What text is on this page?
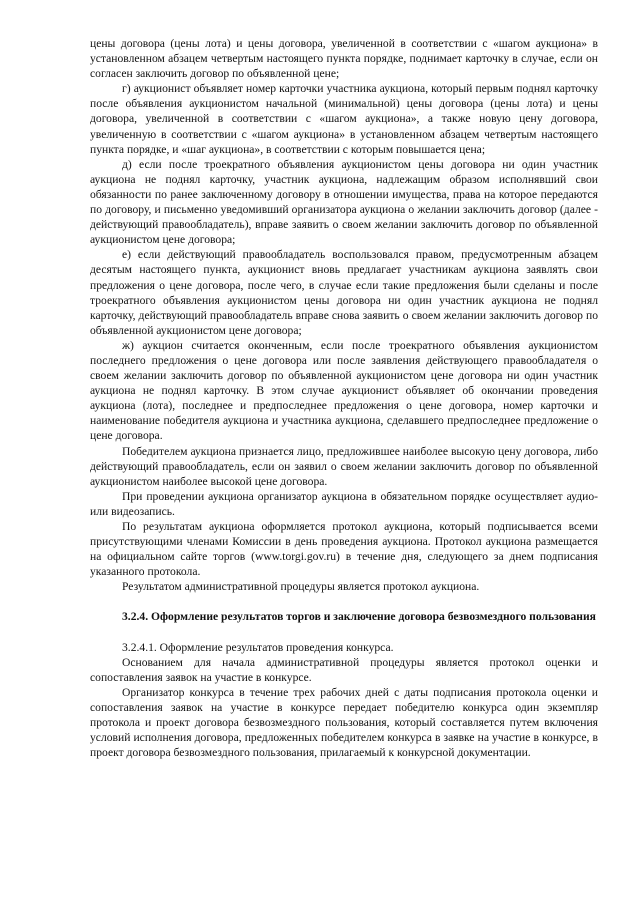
цены договора (цены лота) и цены договора, увеличенной в соответствии с «шагом аукциона» в установленном абзацем четвертым настоящего пункта порядке, поднимает карточку в случае, если он согласен заключить договор по объявленной цене;

г) аукционист объявляет номер карточки участника аукциона, который первым поднял карточку после объявления аукционистом начальной (минимальной) цены договора (цены лота) и цены договора, увеличенной в соответствии с «шагом аукциона», а также новую цену договора, увеличенную в соответствии с «шагом аукциона» в установленном абзацем четвертым настоящего пункта порядке, и «шаг аукциона», в соответствии с которым повышается цена;

д) если после троекратного объявления аукционистом цены договора ни один участник аукциона не поднял карточку, участник аукциона, надлежащим образом исполнявший свои обязанности по ранее заключенному договору в отношении имущества, права на которое передаются по договору, и письменно уведомивший организатора аукциона о желании заключить договор (далее - действующий правообладатель), вправе заявить о своем желании заключить договор по объявленной аукционистом цене договора;

е) если действующий правообладатель воспользовался правом, предусмотренным абзацем десятым настоящего пункта, аукционист вновь предлагает участникам аукциона заявлять свои предложения о цене договора, после чего, в случае если такие предложения были сделаны и после троекратного объявления аукционистом цены договора ни один участник аукциона не поднял карточку, действующий правообладатель вправе снова заявить о своем желании заключить договор по объявленной аукционистом цене договора;

ж) аукцион считается оконченным, если после троекратного объявления аукционистом последнего предложения о цене договора или после заявления действующего правообладателя о своем желании заключить договор по объявленной аукционистом цене договора ни один участник аукциона не поднял карточку. В этом случае аукционист объявляет об окончании проведения аукциона (лота), последнее и предпоследнее предложения о цене договора, номер карточки и наименование победителя аукциона и участника аукциона, сделавшего предпоследнее предложение о цене договора.

Победителем аукциона признается лицо, предложившее наиболее высокую цену договора, либо действующий правообладатель, если он заявил о своем желании заключить договор по объявленной аукционистом наиболее высокой цене договора.

При проведении аукциона организатор аукциона в обязательном порядке осуществляет аудио- или видеозапись.

По результатам аукциона оформляется протокол аукциона, который подписывается всеми присутствующими членами Комиссии в день проведения аукциона. Протокол аукциона размещается на официальном сайте торгов (www.torgi.gov.ru) в течение дня, следующего за днем подписания указанного протокола.

Результатом административной процедуры является протокол аукциона.

3.2.4. Оформление результатов торгов и заключение договора безвозмездного пользования

3.2.4.1. Оформление результатов проведения конкурса.

Основанием для начала административной процедуры является протокол оценки и сопоставления заявок на участие в конкурсе.

Организатор конкурса в течение трех рабочих дней с даты подписания протокола оценки и сопоставления заявок на участие в конкурсе передает победителю конкурса один экземпляр протокола и проект договора безвозмездного пользования, который составляется путем включения условий исполнения договора, предложенных победителем конкурса в заявке на участие в конкурсе, в проект договора безвозмездного пользования, прилагаемый к конкурсной документации.
